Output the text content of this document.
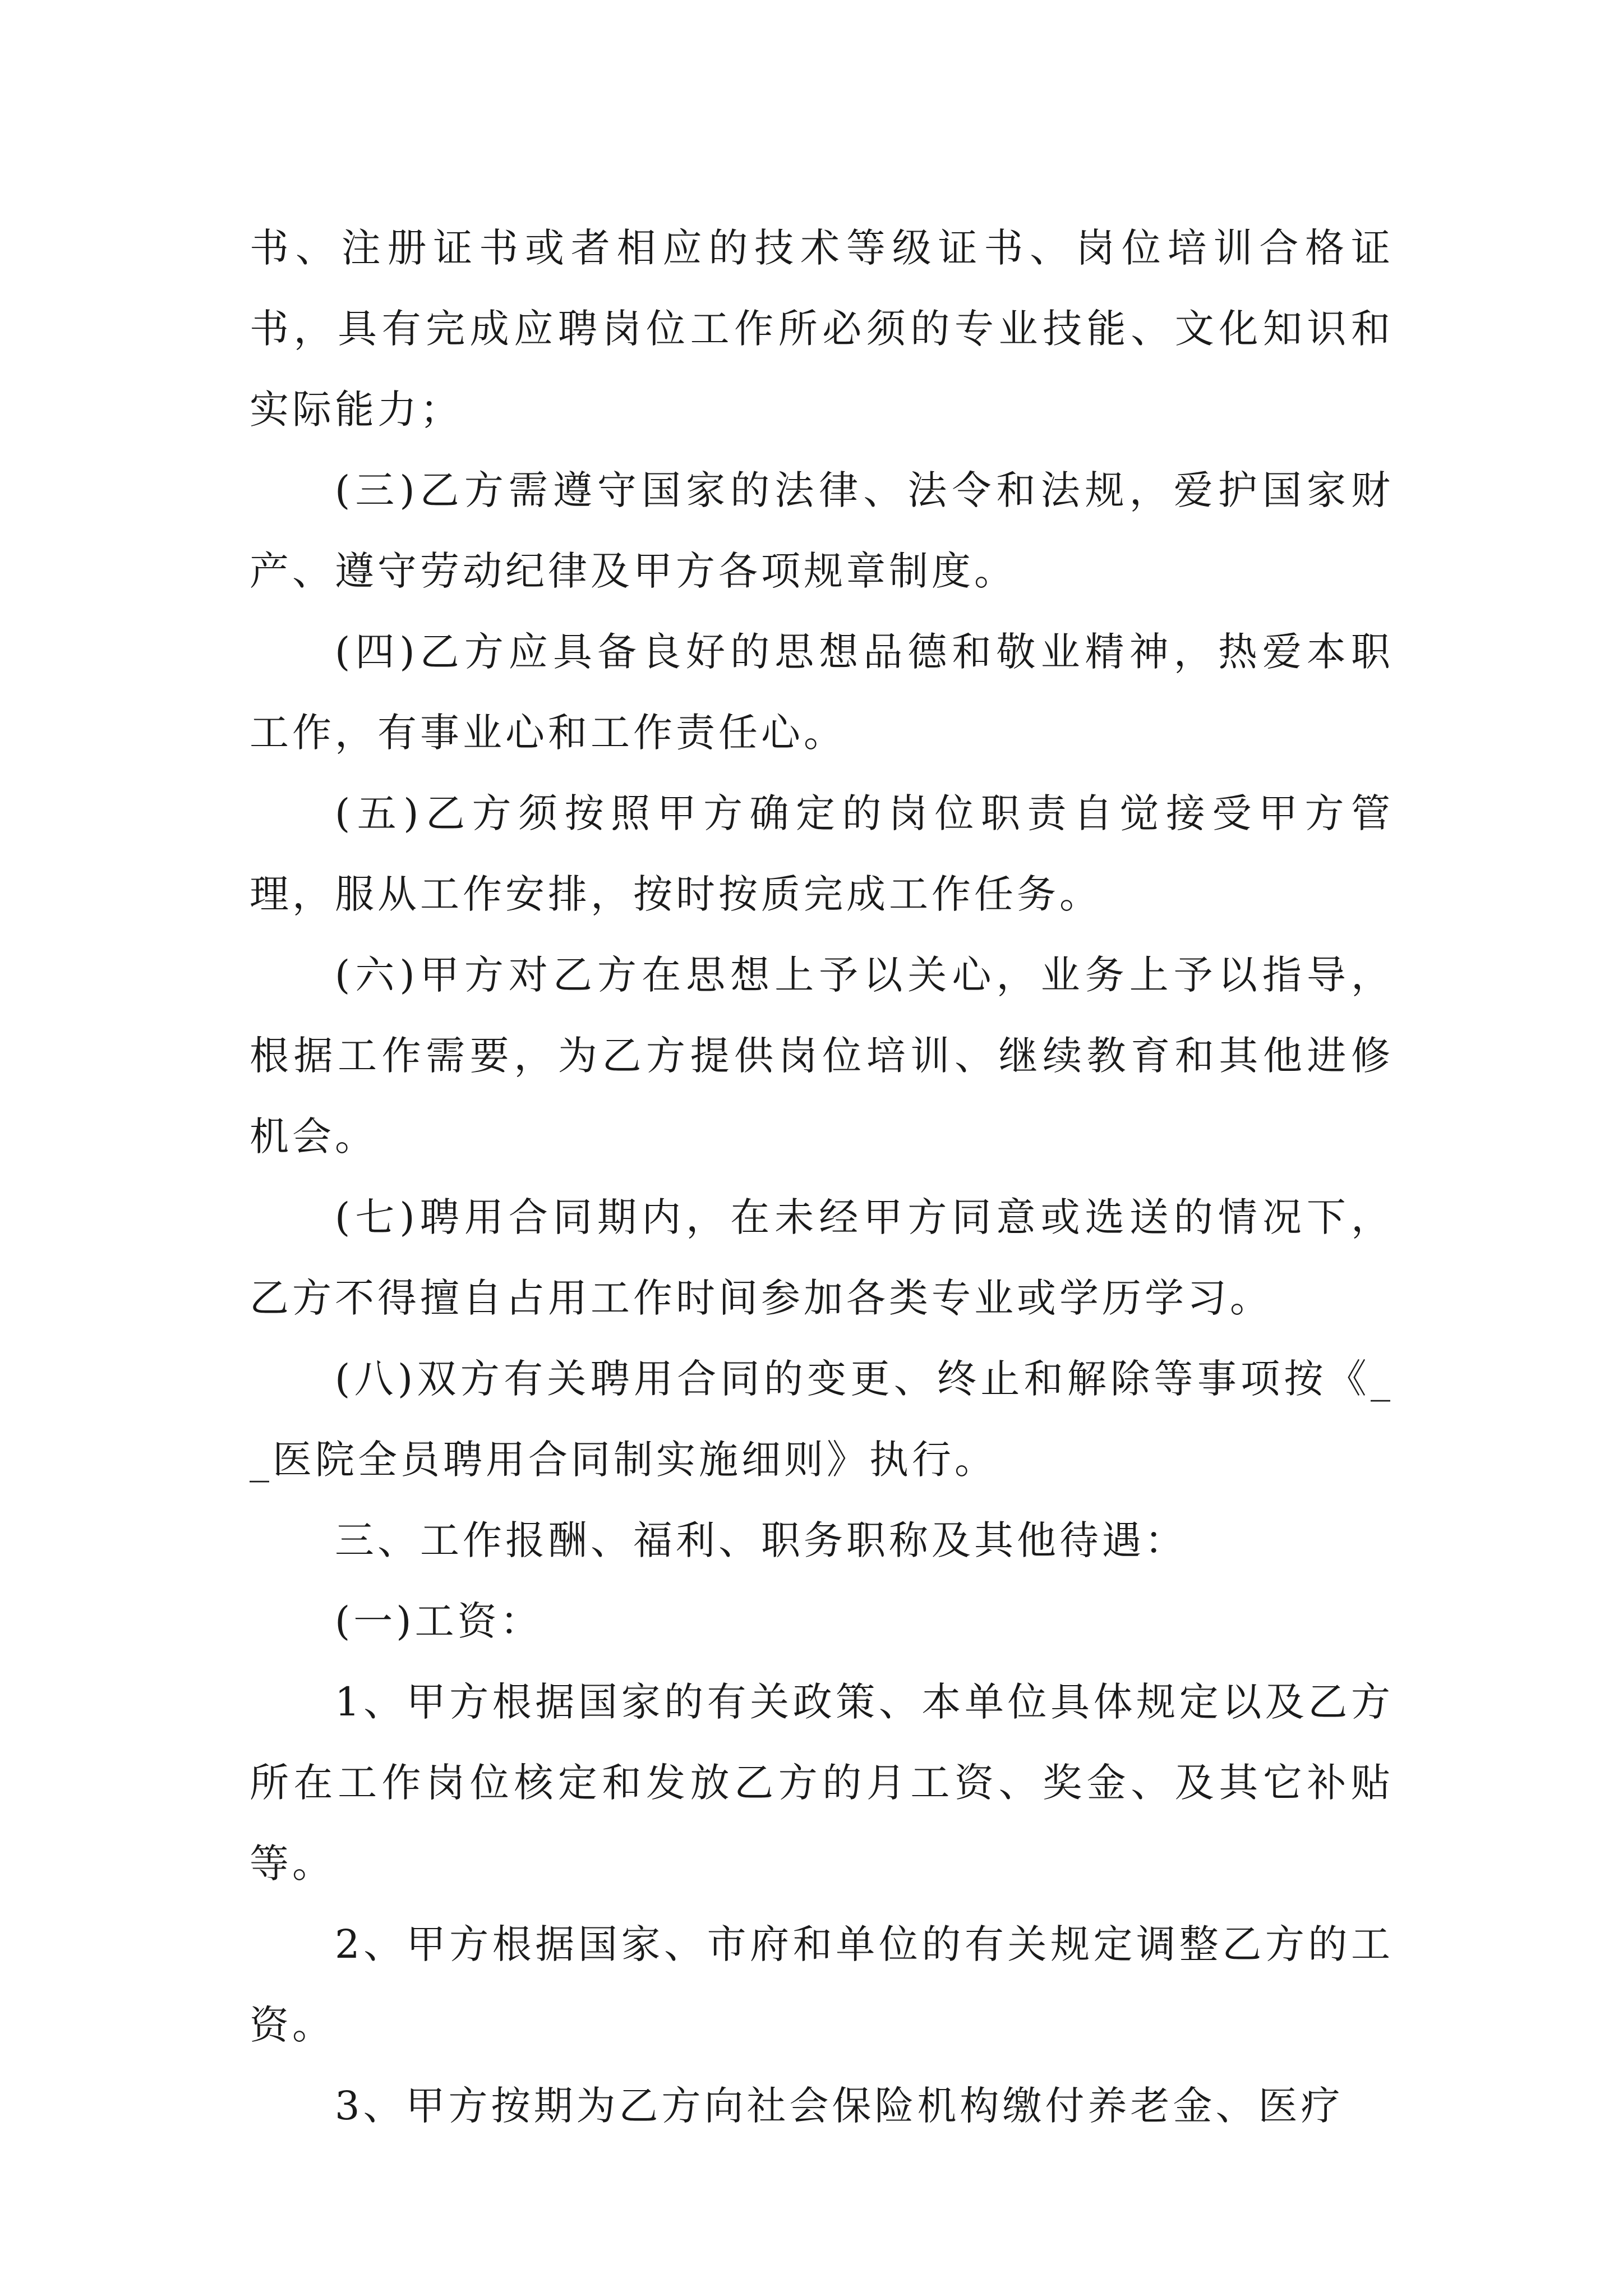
书、注册证书或者相应的技术等级证书、岗位培训合格证书，具有完成应聘岗位工作所必须的专业技能、文化知识和实际能力；

(三)乙方需遵守国家的法律、法令和法规，爱护国家财产、遵守劳动纪律及甲方各项规章制度。

(四)乙方应具备良好的思想品德和敬业精神，热爱本职工作，有事业心和工作责任心。

(五)乙方须按照甲方确定的岗位职责自觉接受甲方管理，服从工作安排，按时按质完成工作任务。

(六)甲方对乙方在思想上予以关心，业务上予以指导，根据工作需要，为乙方提供岗位培训、继续教育和其他进修机会。

(七)聘用合同期内，在未经甲方同意或选送的情况下，乙方不得擅自占用工作时间参加各类专业或学历学习。

(八)双方有关聘用合同的变更、终止和解除等事项按《__医院全员聘用合同制实施细则》执行。

三、工作报酬、福利、职务职称及其他待遇：

(一)工资：

1、甲方根据国家的有关政策、本单位具体规定以及乙方所在工作岗位核定和发放乙方的月工资、奖金、及其它补贴等。

2、甲方根据国家、市府和单位的有关规定调整乙方的工资。

3、甲方按期为乙方向社会保险机构缴付养老金、医疗
